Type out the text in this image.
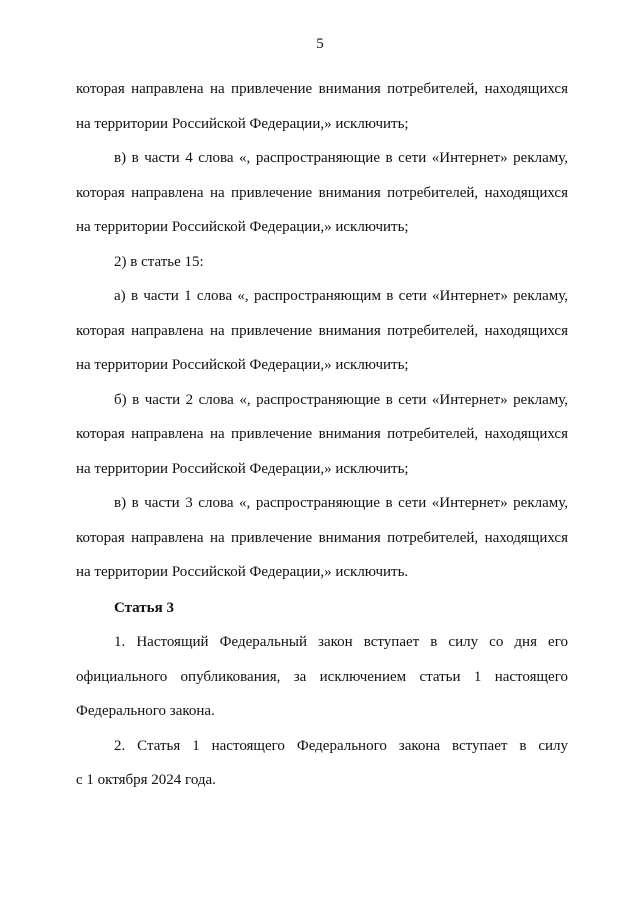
5
которая направлена на привлечение внимания потребителей, находящихся
на территории Российской Федерации,» исключить;
в) в части 4 слова «, распространяющие в сети «Интернет» рекламу,
которая направлена на привлечение внимания потребителей, находящихся
на территории Российской Федерации,» исключить;
2) в статье 15:
а) в части 1 слова «, распространяющим в сети «Интернет» рекламу,
которая направлена на привлечение внимания потребителей, находящихся
на территории Российской Федерации,» исключить;
б) в части 2 слова «, распространяющие в сети «Интернет» рекламу,
которая направлена на привлечение внимания потребителей, находящихся
на территории Российской Федерации,» исключить;
в) в части 3 слова «, распространяющие в сети «Интернет» рекламу,
которая направлена на привлечение внимания потребителей, находящихся
на территории Российской Федерации,» исключить.
Статья 3
1. Настоящий Федеральный закон вступает в силу со дня его
официального опубликования, за исключением статьи 1 настоящего
Федерального закона.
2. Статья 1 настоящего Федерального закона вступает в силу
с 1 октября 2024 года.
